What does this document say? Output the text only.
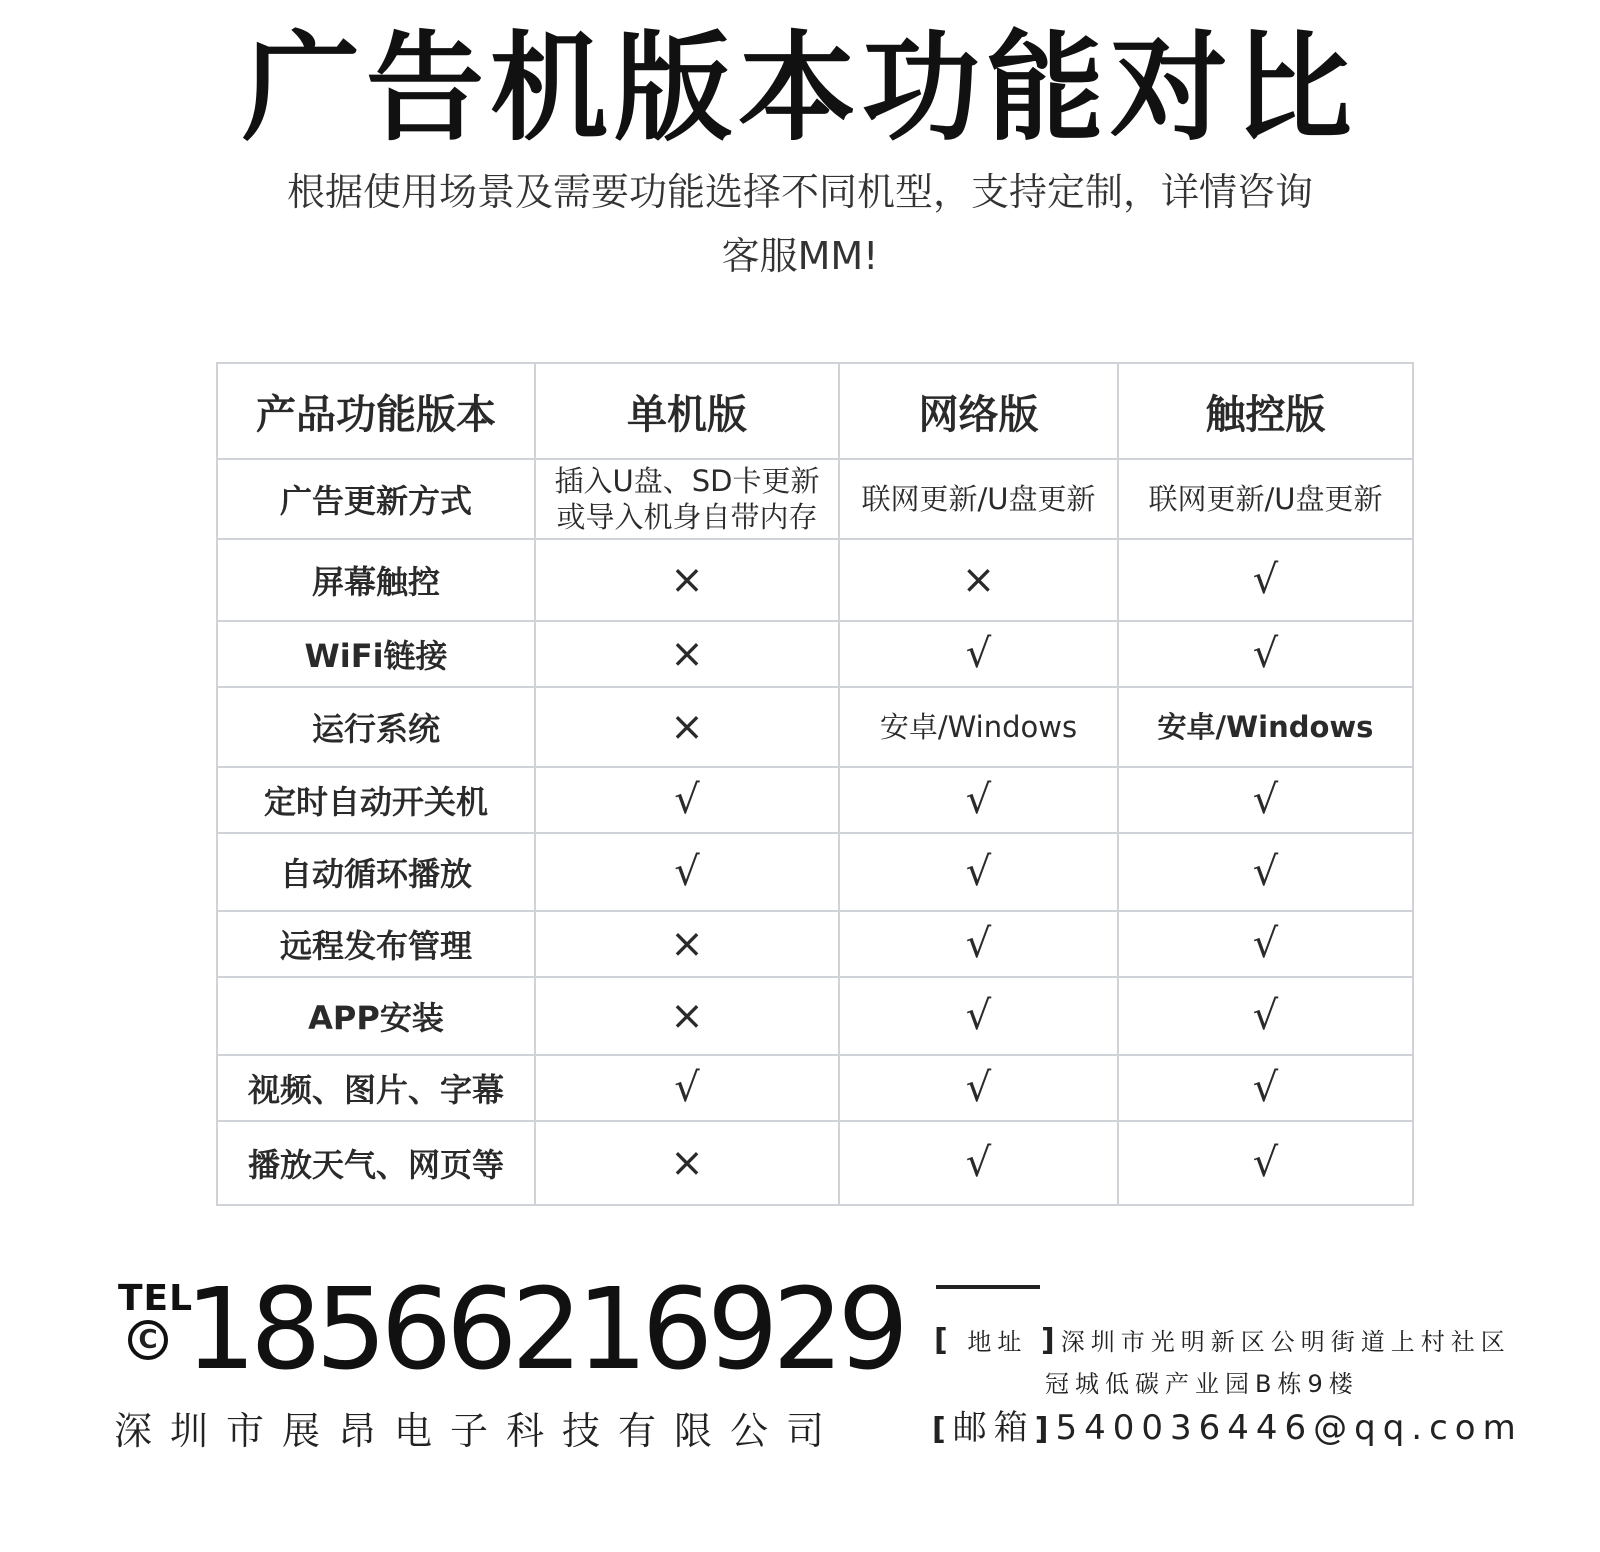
广告机版本功能对比
根据使用场景及需要功能选择不同机型，支持定制，详情咨询客服MM!
产品功能版本	单机版	网络版	触控版
广告更新方式	插入U盘、SD卡更新或导入机身自带内存	联网更新/U盘更新	联网更新/U盘更新
屏幕触控	×	×	√
WiFi链接	×	√	√
运行系统	×	安卓/Windows	安卓/Windows
定时自动开关机	√	√	√
自动循环播放	√	√	√
远程发布管理	×	√	√
APP安装	×	√	√
视频、图片、字幕	√	√	√
播放天气、网页等	×	√	√
TEL
C 18566216929
深圳市展昂电子科技有限公司
[ 地址 ]深圳市光明新区公明街道上村社区
冠城低碳产业园B栋9楼
[邮箱]540036446@qq.com
